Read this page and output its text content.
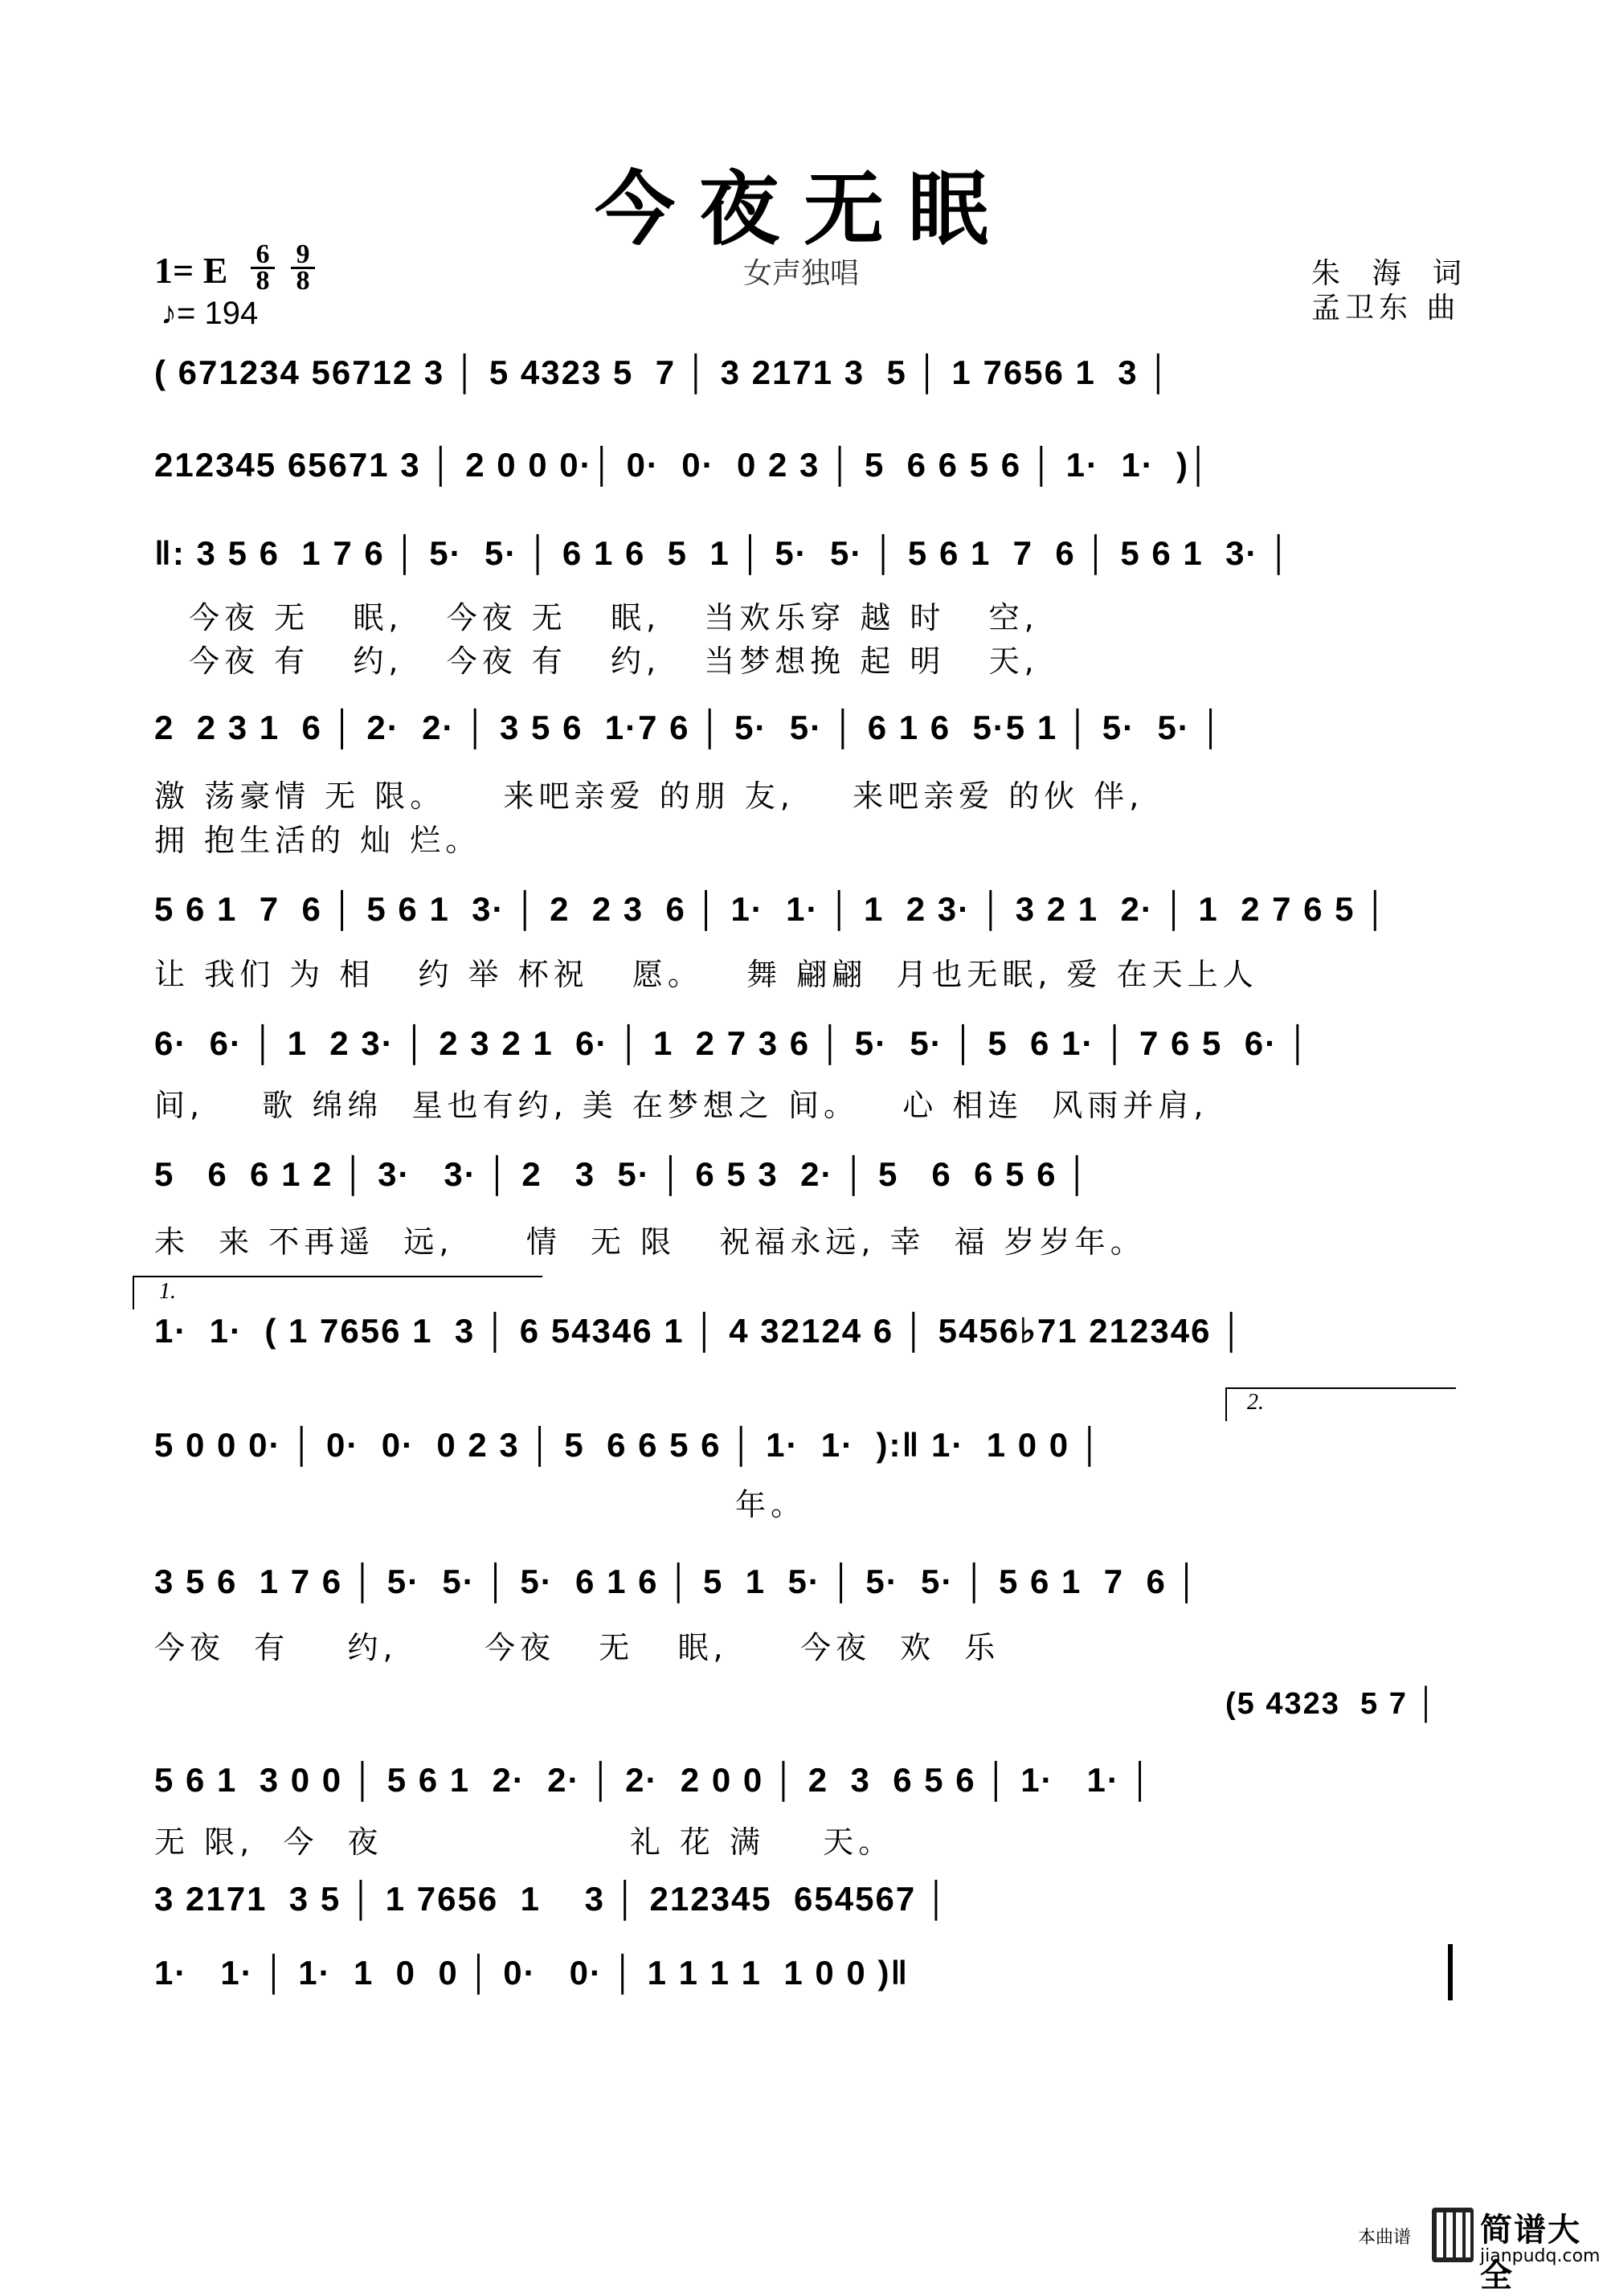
今夜无眠
1= E 6
8
9
8
♪= 194
女声独唱	朱 海 词
孟卫东 曲
( 671234 56712 3 │ 5 4323 5  7 │ 3 2171 3  5 │ 1 7656 1  3 │
212345 65671 3 │ 2 0 0 0·│ 0·  0·  0 2 3 │ 5  6 6 5 6 │ 1·  1·  )│
‖: 3 5 6  1 7 6 │ 5·  5· │ 6 1 6  5  1 │ 5·  5· │ 5 6 1  7  6 │ 5 6 1  3· │
今夜 无   眠,   今夜 无   眠,   当欢乐穿 越 时   空,
今夜 有   约,   今夜 有   约,   当梦想挽 起 明   天,
2  2 3 1  6 │ 2·  2· │ 3 5 6  1·7 6 │ 5·  5· │ 6 1 6  5·5 1 │ 5·  5· │
激 荡豪情 无 限。    来吧亲爱 的朋 友,    来吧亲爱 的伙 伴,
拥 抱生活的 灿 烂。
5 6 1  7  6 │ 5 6 1  3· │ 2  2 3  6 │ 1·  1· │ 1  2 3· │ 3 2 1  2· │ 1  2 7 6 5 │
让 我们 为 相   约 举 杯祝   愿。   舞 翩翩  月也无眠, 爱 在天上人
6·  6· │ 1  2 3· │ 2 3 2 1  6· │ 1  2 7 3 6 │ 5·  5· │ 5  6 1· │ 7 6 5  6· │
间,    歌 绵绵  星也有约, 美 在梦想之 间。   心 相连  风雨并肩,
5   6  6 1 2 │ 3·   3· │ 2   3  5· │ 6 5 3  2· │ 5   6  6 5 6 │
未  来 不再遥  远,     情  无 限   祝福永远, 幸  福 岁岁年。
1.
1·  1·  ( 1 7656 1  3 │ 6 54346 1 │ 4 32124 6 │ 5456♭71 212346 │
2.
5 0 0 0· │ 0·  0·  0 2 3 │ 5  6 6 5 6 │ 1·  1·  ):‖ 1·  1 0 0 │
年。
3 5 6  1 7 6 │ 5·  5· │ 5·  6 1 6 │ 5  1  5· │ 5·  5· │ 5 6 1  7  6 │
今夜  有    约,      今夜   无   眠,     今夜  欢  乐
(5 4323  5 7 │
5 6 1  3 0 0 │ 5 6 1  2·  2· │ 2·  2 0 0 │ 2  3  6 5 6 │ 1·   1· │
无 限,  今  夜                 礼 花 满    天。
3 2171  3 5 │ 1 7656  1    3 │ 212345  654567 │
1·   1· │ 1·  1  0  0 │ 0·   0· │ 1 1 1 1  1 0 0 )‖
本曲谱 简谱大全
jianpudq.com
